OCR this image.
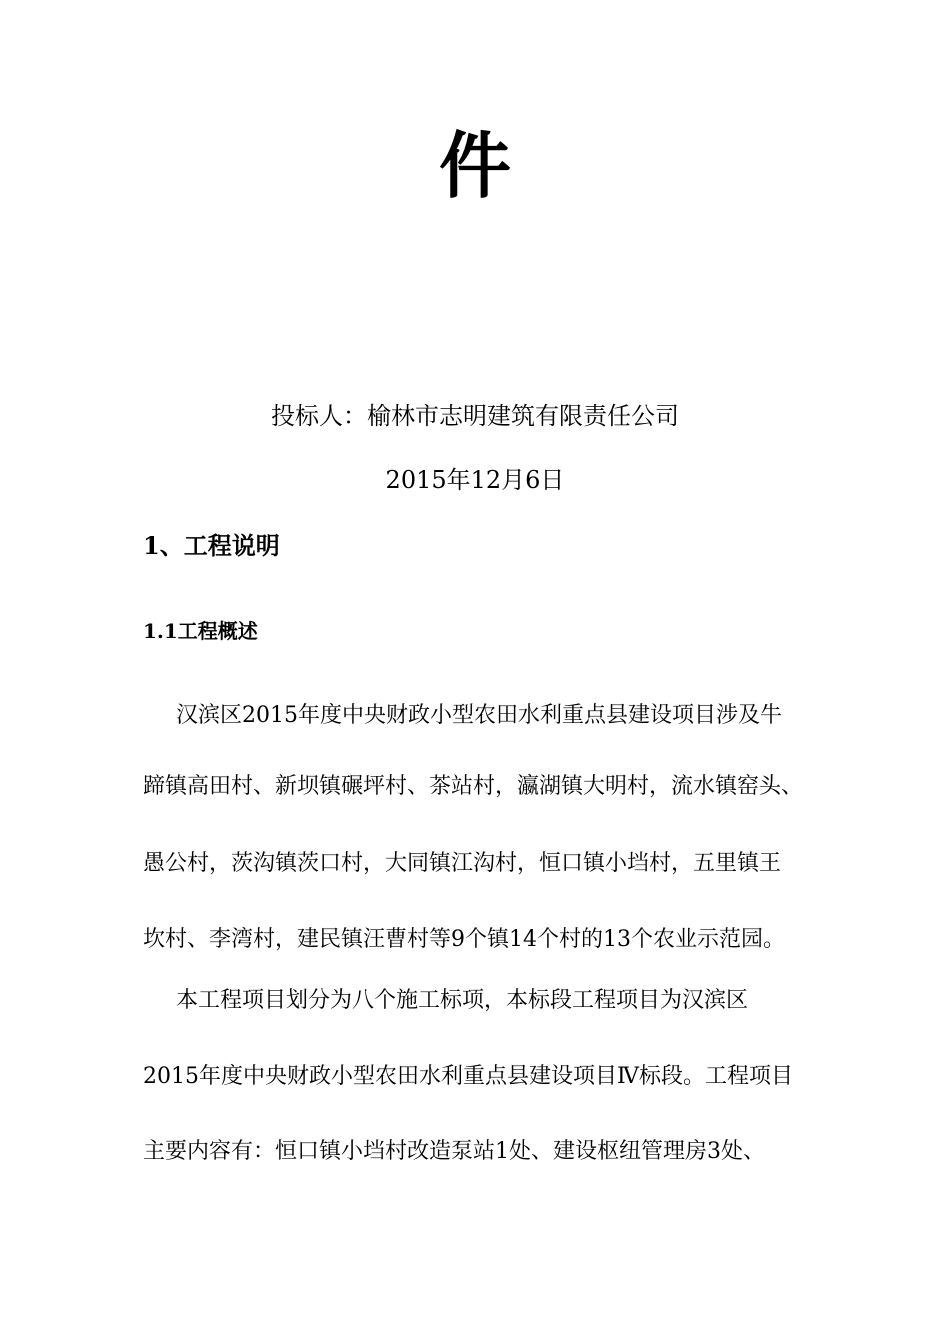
件
投标人：榆林市志明建筑有限责任公司
2015年12月6日
1、工程说明
1.1工程概述
汉滨区2015年度中央财政小型农田水利重点县建设项目涉及牛
蹄镇高田村、新坝镇碾坪村、茶站村，瀛湖镇大明村，流水镇窑头、
愚公村，茨沟镇茨口村，大同镇江沟村，恒口镇小垱村，五里镇王
坎村、李湾村，建民镇汪曹村等9个镇14个村的13个农业示范园。
本工程项目划分为八个施工标项，本标段工程项目为汉滨区
2015年度中央财政小型农田水利重点县建设项目Ⅳ标段。工程项目
主要内容有：恒口镇小垱村改造泵站1处、建设枢纽管理房3处、
